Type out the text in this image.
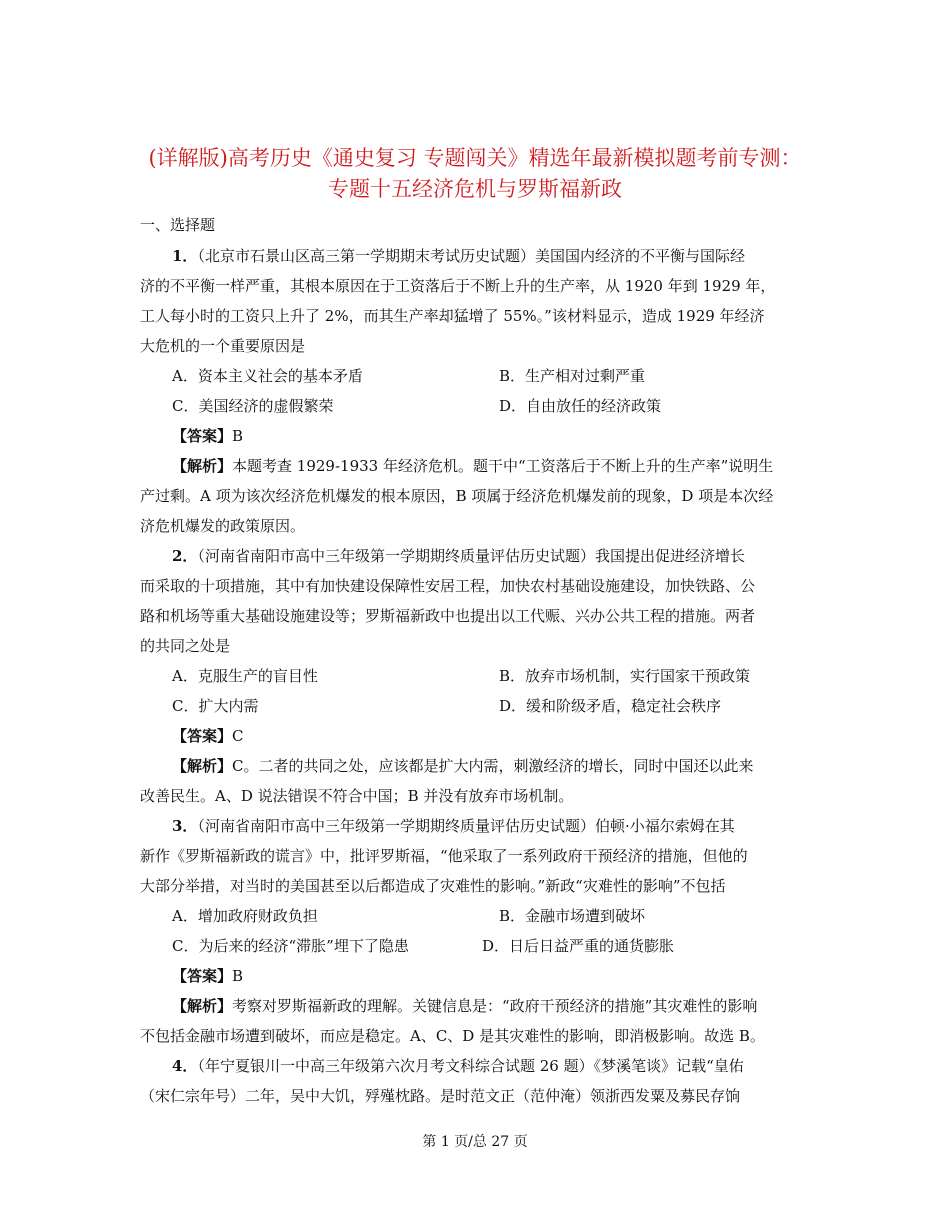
(详解版)高考历史《通史复习 专题闯关》精选年最新模拟题考前专测：
专题十五经济危机与罗斯福新政
一、选择题
1．（北京市石景山区高三第一学期期末考试历史试题）美国国内经济的不平衡与国际经
济的不平衡一样严重，其根本原因在于工资落后于不断上升的生产率，从 1920 年到 1929 年，
工人每小时的工资只上升了 2%，而其生产率却猛增了 55%。”该材料显示，造成 1929 年经济
大危机的一个重要原因是
A．资本主义社会的基本矛盾	B．生产相对过剩严重
C．美国经济的虚假繁荣	D．自由放任的经济政策
【答案】B
【解析】本题考查 1929-1933 年经济危机。题干中“工资落后于不断上升的生产率”说明生
产过剩。A 项为该次经济危机爆发的根本原因，B 项属于经济危机爆发前的现象，D 项是本次经
济危机爆发的政策原因。
2．（河南省南阳市高中三年级第一学期期终质量评估历史试题）我国提出促进经济增长
而采取的十项措施，其中有加快建设保障性安居工程，加快农村基础设施建设，加快铁路、公
路和机场等重大基础设施建设等；罗斯福新政中也提出以工代赈、兴办公共工程的措施。两者
的共同之处是
A．克服生产的盲目性	B．放弃市场机制，实行国家干预政策
C．扩大内需	D．缓和阶级矛盾，稳定社会秩序
【答案】C
【解析】C。二者的共同之处，应该都是扩大内需，刺激经济的增长，同时中国还以此来
改善民生。A、D 说法错误不符合中国；B 并没有放弃市场机制。
3．（河南省南阳市高中三年级第一学期期终质量评估历史试题）伯顿·小福尔索姆在其
新作《罗斯福新政的谎言》中，批评罗斯福，“他采取了一系列政府干预经济的措施，但他的
大部分举措，对当时的美国甚至以后都造成了灾难性的影响。”新政“灾难性的影响”不包括
A．增加政府财政负担	B．金融市场遭到破坏
C．为后来的经济“滞胀”埋下了隐患	D．日后日益严重的通货膨胀
【答案】B
【解析】考察对罗斯福新政的理解。关键信息是：“政府干预经济的措施”其灾难性的影响
不包括金融市场遭到破坏，而应是稳定。A、C、D 是其灾难性的影响，即消极影响。故选 B。
4．（年宁夏银川一中高三年级第六次月考文科综合试题 26 题）《梦溪笔谈》记载“皇佑
（宋仁宗年号）二年，吴中大饥，殍殣枕路。是时范文正（范仲淹）领浙西发粟及募民存饷
第 1 页/总 27 页
